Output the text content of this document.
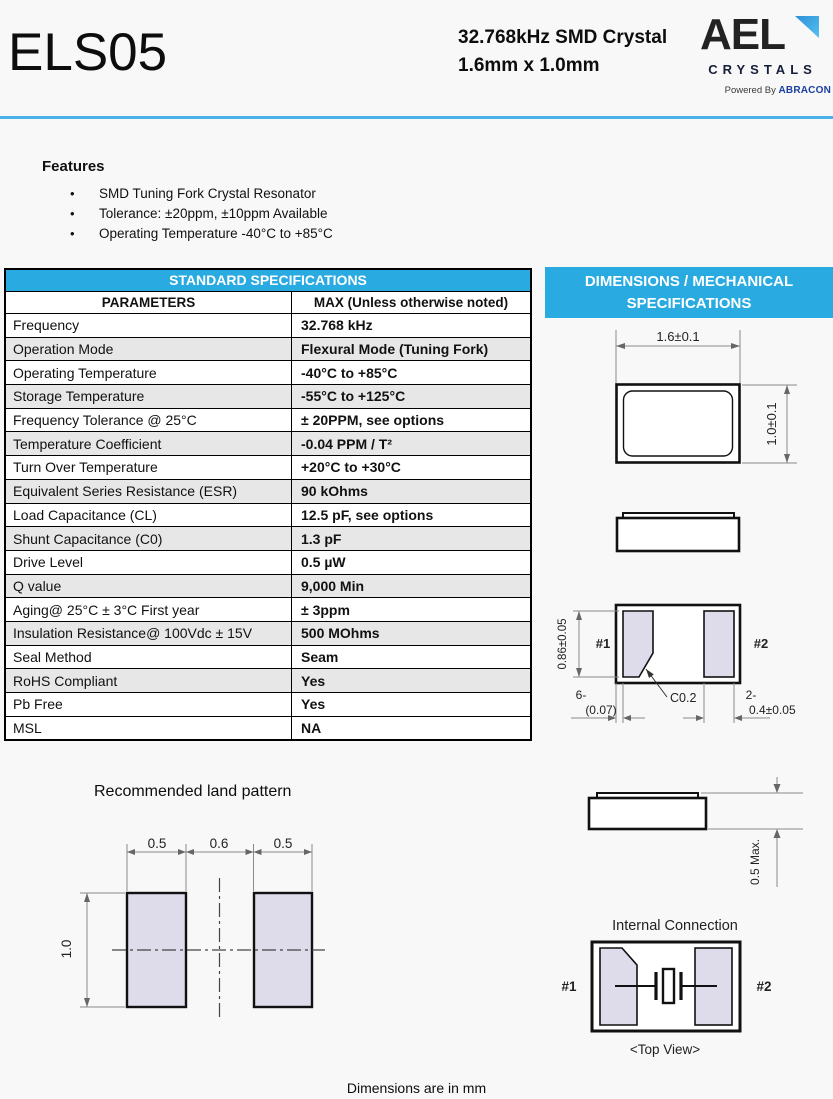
ELS05	32.768kHz SMD Crystal
1.6mm x 1.0mm
AEL
CRYSTALS
Powered By ABRACON
Features
• SMD Tuning Fork Crystal Resonator
• Tolerance: ±20ppm, ±10ppm Available
• Operating Temperature -40°C to +85°C
STANDARD SPECIFICATIONS
PARAMETERS	MAX (Unless otherwise noted)
Frequency	32.768 kHz
Operation Mode	Flexural Mode (Tuning Fork)
Operating Temperature	-40°C to +85°C
Storage Temperature	-55°C to +125°C
Frequency Tolerance @ 25°C	± 20PPM, see options
Temperature Coefficient	-0.04 PPM / T²
Turn Over Temperature	+20°C to +30°C
Equivalent Series Resistance (ESR)	90 kOhms
Load Capacitance (CL)	12.5 pF, see options
Shunt Capacitance (C0)	1.3 pF
Drive Level	0.5 µW
Q value	9,000 Min
Aging@ 25°C ± 3°C First year	± 3ppm
Insulation Resistance@ 100Vdc ± 15V	500 MOhms
Seal Method	Seam
RoHS Compliant	Yes
Pb Free	Yes
MSL	NA
DIMENSIONS / MECHANICAL
SPECIFICATIONS
1.6±0.1
1.0±0.1
#1	#2
0.86±0.05
6-
(0.07)
C0.2	2-
0.4±0.05
0.5 Max.
Internal Connection
#1	#2
<Top View>
Recommended land pattern
0.5	0.6	0.5
1.0
Dimensions are in mm
